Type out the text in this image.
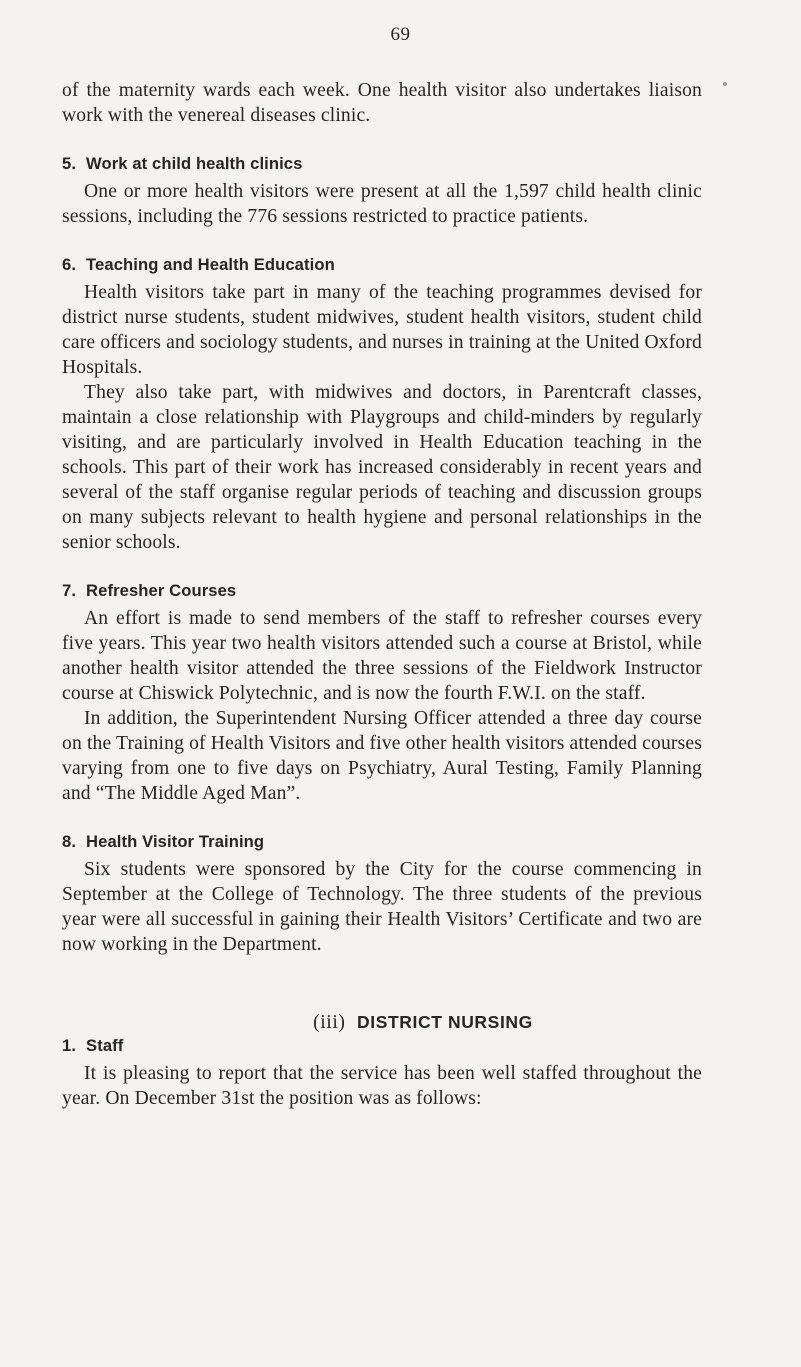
69

of the maternity wards each week. One health visitor also undertakes liaison work with the venereal diseases clinic.

5. Work at child health clinics

One or more health visitors were present at all the 1,597 child health clinic sessions, including the 776 sessions restricted to practice patients.

6. Teaching and Health Education

Health visitors take part in many of the teaching programmes devised for district nurse students, student midwives, student health visitors, student child care officers and sociology students, and nurses in training at the United Oxford Hospitals.

They also take part, with midwives and doctors, in Parentcraft classes, maintain a close relationship with Playgroups and child-minders by regularly visiting, and are particularly involved in Health Education teaching in the schools. This part of their work has increased considerably in recent years and several of the staff organise regular periods of teaching and discussion groups on many subjects relevant to health hygiene and personal relationships in the senior schools.

7. Refresher Courses

An effort is made to send members of the staff to refresher courses every five years. This year two health visitors attended such a course at Bristol, while another health visitor attended the three sessions of the Fieldwork Instructor course at Chiswick Polytechnic, and is now the fourth F.W.I. on the staff.

In addition, the Superintendent Nursing Officer attended a three day course on the Training of Health Visitors and five other health visitors attended courses varying from one to five days on Psychiatry, Aural Testing, Family Planning and “The Middle Aged Man”.

8. Health Visitor Training

Six students were sponsored by the City for the course commencing in September at the College of Technology. The three students of the previous year were all successful in gaining their Health Visitors’ Certificate and two are now working in the Department.

(iii) DISTRICT NURSING
1. Staff

It is pleasing to report that the service has been well staffed throughout the year. On December 31st the position was as follows:
